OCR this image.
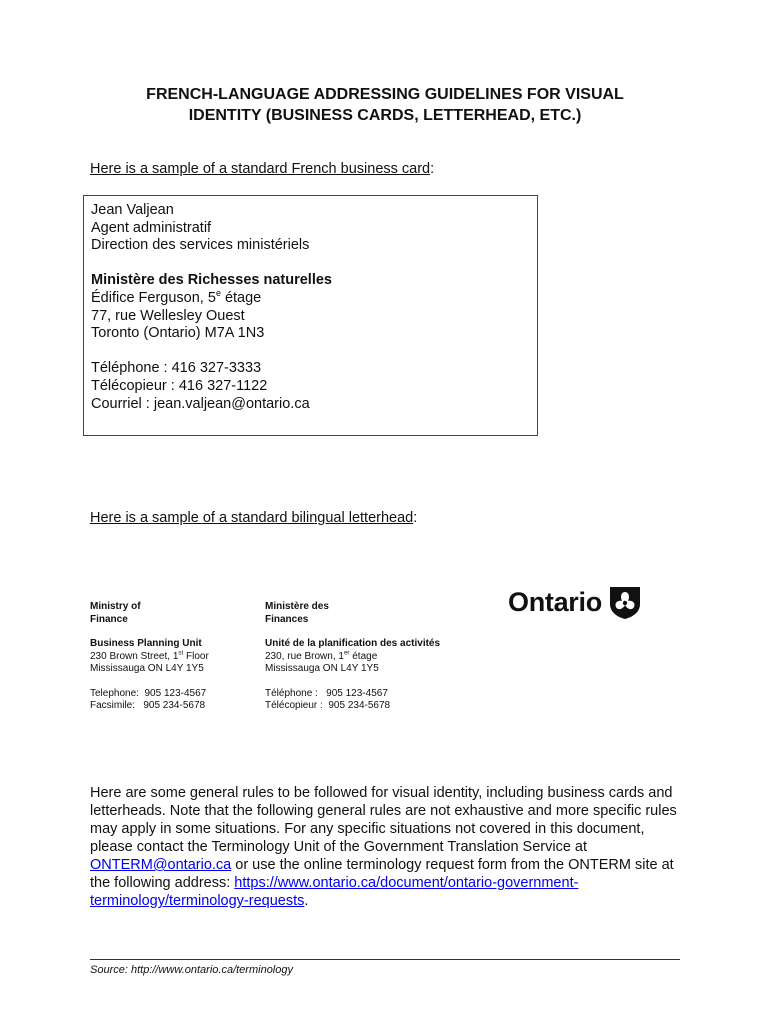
FRENCH-LANGUAGE ADDRESSING GUIDELINES FOR VISUAL
IDENTITY (BUSINESS CARDS, LETTERHEAD, ETC.)
Here is a sample of a standard French business card:
Jean Valjean
Agent administratif
Direction des services ministériels
Ministère des Richesses naturelles
Édifice Ferguson, 5e étage
77, rue Wellesley Ouest
Toronto (Ontario) M7A 1N3
Téléphone : 416 327-3333
Télécopieur : 416 327-1122
Courriel : jean.valjean@ontario.ca
Here is a sample of a standard bilingual letterhead:
Ministry of
Finance
Business Planning Unit
230 Brown Street, 1st Floor
Mississauga ON L4Y 1Y5
Telephone:  905 123-4567
Facsimile:   905 234-5678
Ministère des
Finances
Unité de la planification des activités
230, rue Brown, 1er étage
Mississauga ON L4Y 1Y5
Téléphone :   905 123-4567
Télécopieur :  905 234-5678
Ontario
Here are some general rules to be followed for visual identity, including business cards and letterheads. Note that the following general rules are not exhaustive and more specific rules may apply in some situations. For any specific situations not covered in this document, please contact the Terminology Unit of the Government Translation Service at ONTERM@ontario.ca or use the online terminology request form from the ONTERM site at the following address: https://www.ontario.ca/document/ontario-government-terminology/terminology-requests.
Source: http://www.ontario.ca/terminology
